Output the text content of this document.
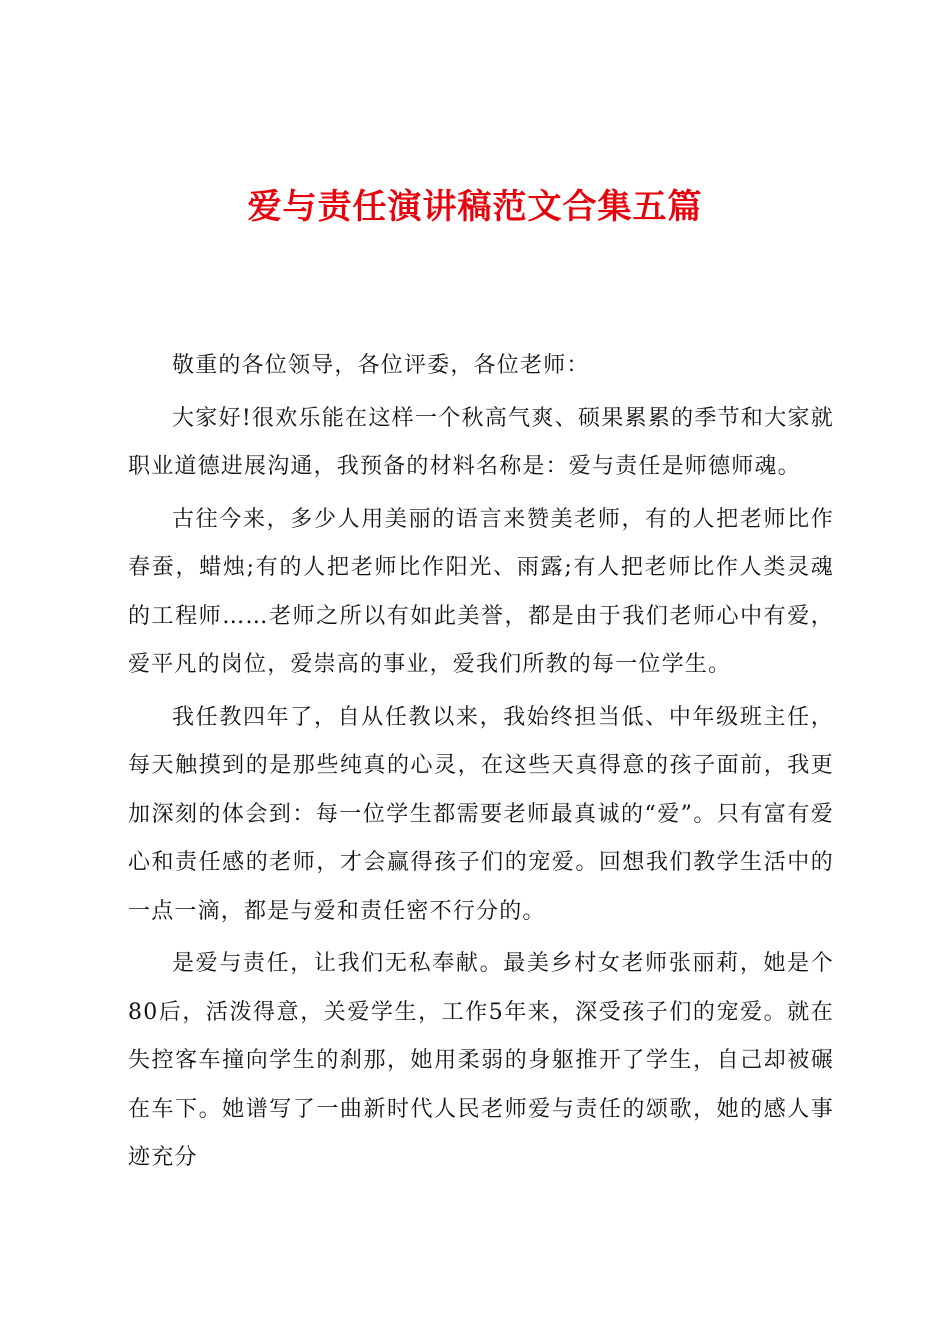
爱与责任演讲稿范文合集五篇

敬重的各位领导，各位评委，各位老师：

大家好!很欢乐能在这样一个秋高气爽、硕果累累的季节和大家就职业道德进展沟通，我预备的材料名称是：爱与责任是师德师魂。

古往今来，多少人用美丽的语言来赞美老师，有的人把老师比作春蚕，蜡烛;有的人把老师比作阳光、雨露;有人把老师比作人类灵魂的工程师……老师之所以有如此美誉，都是由于我们老师心中有爱，爱平凡的岗位，爱崇高的事业，爱我们所教的每一位学生。

我任教四年了，自从任教以来，我始终担当低、中年级班主任，每天触摸到的是那些纯真的心灵，在这些天真得意的孩子面前，我更加深刻的体会到：每一位学生都需要老师最真诚的“爱”。只有富有爱心和责任感的老师，才会赢得孩子们的宠爱。回想我们教学生活中的一点一滴，都是与爱和责任密不行分的。

是爱与责任，让我们无私奉献。最美乡村女老师张丽莉，她是个80后，活泼得意，关爱学生，工作5年来，深受孩子们的宠爱。就在失控客车撞向学生的刹那，她用柔弱的身躯推开了学生，自己却被碾在车下。她谱写了一曲新时代人民老师爱与责任的颂歌，她的感人事迹充分
